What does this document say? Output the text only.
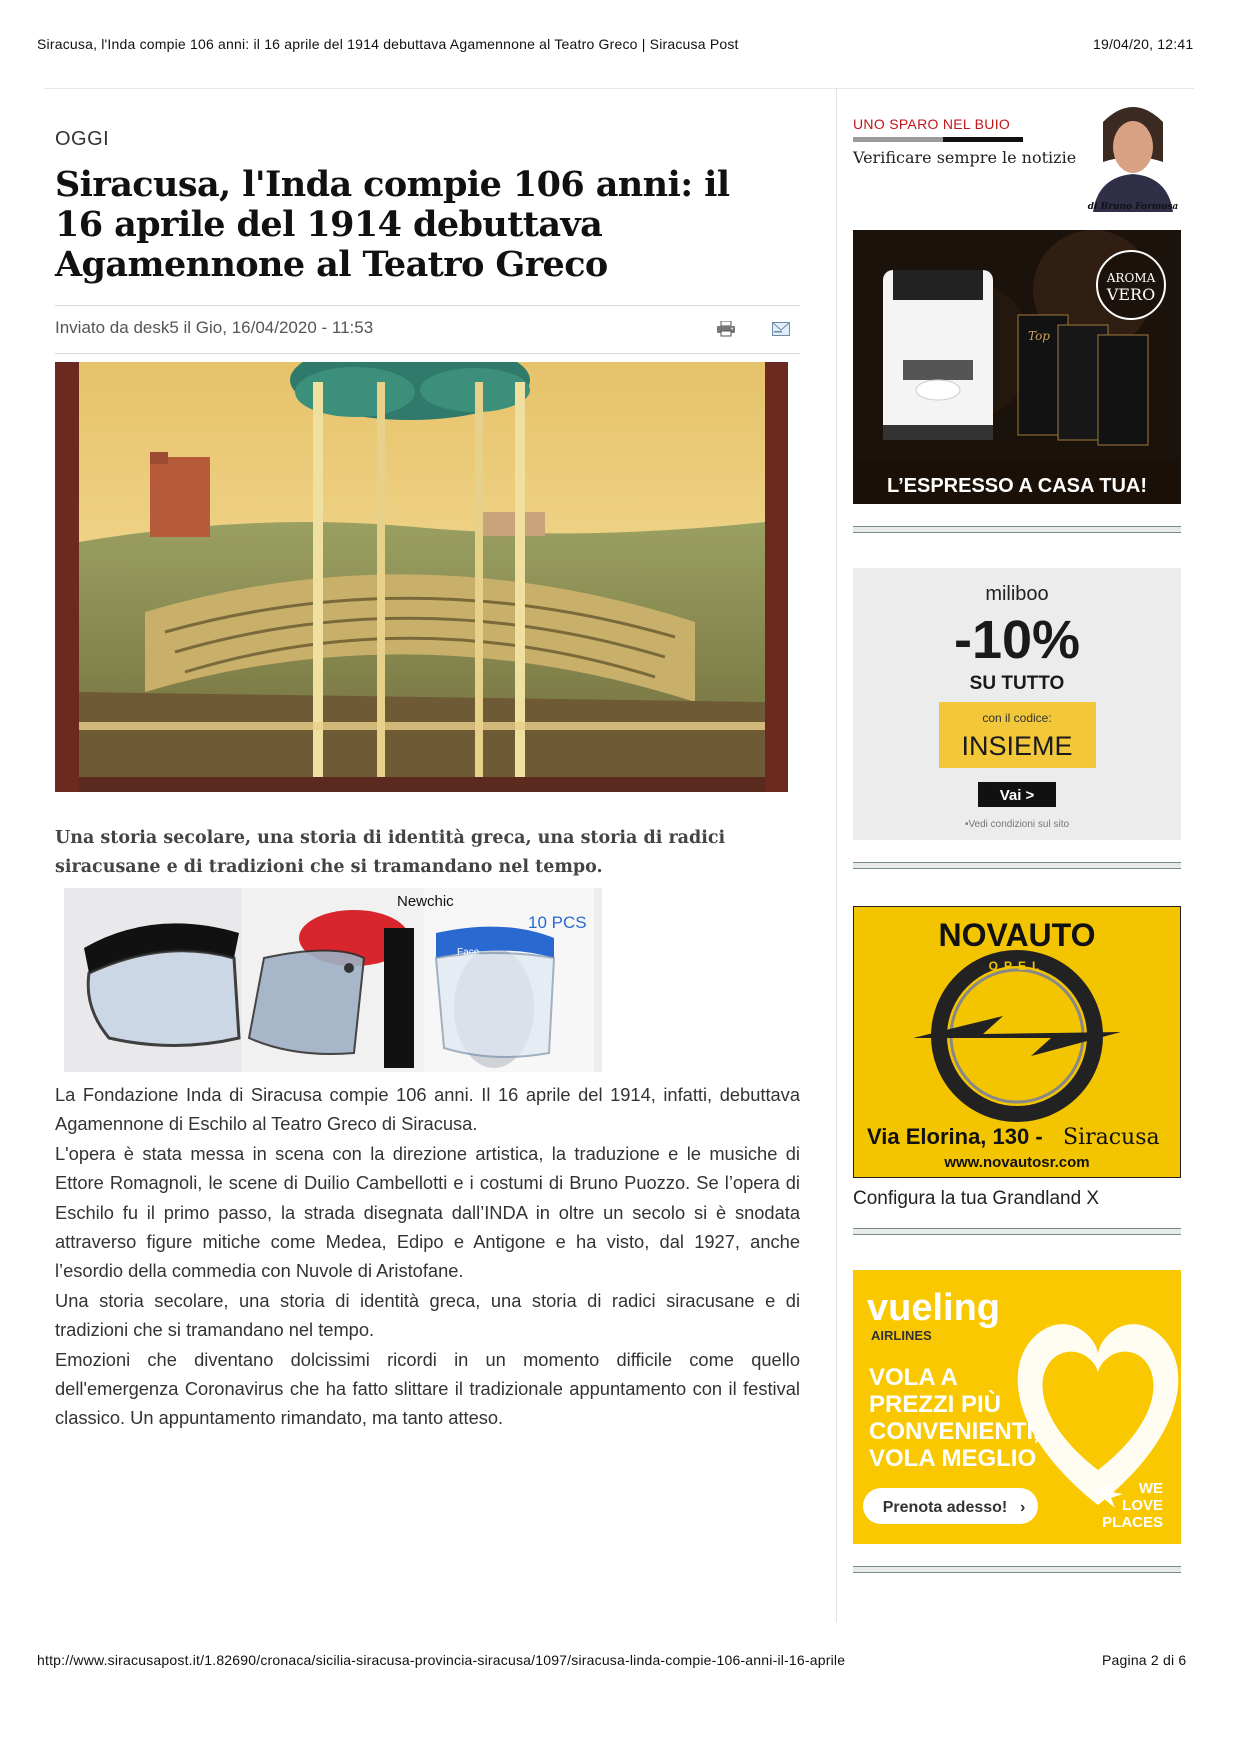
Siracusa, l'Inda compie 106 anni: il 16 aprile del 1914 debuttava Agamennone al Teatro Greco | Siracusa Post	19/04/20, 12:41
OGGI
Siracusa, l'Inda compie 106 anni: il 16 aprile del 1914 debuttava Agamennone al Teatro Greco
Inviato da desk5 il Gio, 16/04/2020 - 11:53
Una storia secolare, una storia di identità greca, una storia di radici siracusane e di tradizioni che si tramandano nel tempo.
Face
Newchic
10 PCS

La Fondazione Inda di Siracusa compie 106 anni. Il 16 aprile del 1914, infatti, debuttava Agamennone di Eschilo al Teatro Greco di Siracusa.

L'opera è stata messa in scena con la direzione artistica, la traduzione e le musiche di Ettore Romagnoli, le scene di Duilio Cambellotti e i costumi di Bruno Puozzo. Se l’opera di Eschilo fu il primo passo, la strada disegnata dall’INDA in oltre un secolo si è snodata attraverso figure mitiche come Medea, Edipo e Antigone e ha visto, dal 1927, anche l’esordio della commedia con Nuvole di Aristofane.

Una storia secolare, una storia di identità greca, una storia di radici siracusane e di tradizioni che si tramandano nel tempo.

Emozioni che diventano dolcissimi ricordi in un momento difficile come quello dell'emergenza Coronavirus che ha fatto slittare il tradizionale appuntamento con il festival classico. Un appuntamento rimandato, ma tanto atteso.

UNO SPARO NEL BUIO
Verificare sempre le notizie
di Bruno Formosa
Top
AROMA
VERO
L’ESPRESSO A CASA TUA!
miliboo
-10%
SU TUTTO
con il codice:
INSIEME
Vai >
•Vedi condizioni sul sito
NOVAUTO
OPEL
Via Elorina, 130 - Siracusa
www.novautosr.com
Configura la tua Grandland X
vueling
AIRLINES
VOLA A
PREZZI PIÙ
CONVENIENTI,
VOLA MEGLIO
Prenota adesso! ›
WE
LOVE
PLACES
http://www.siracusapost.it/1.82690/cronaca/sicilia-siracusa-provincia-siracusa/1097/siracusa-linda-compie-106-anni-il-16-aprile	Pagina 2 di 6
